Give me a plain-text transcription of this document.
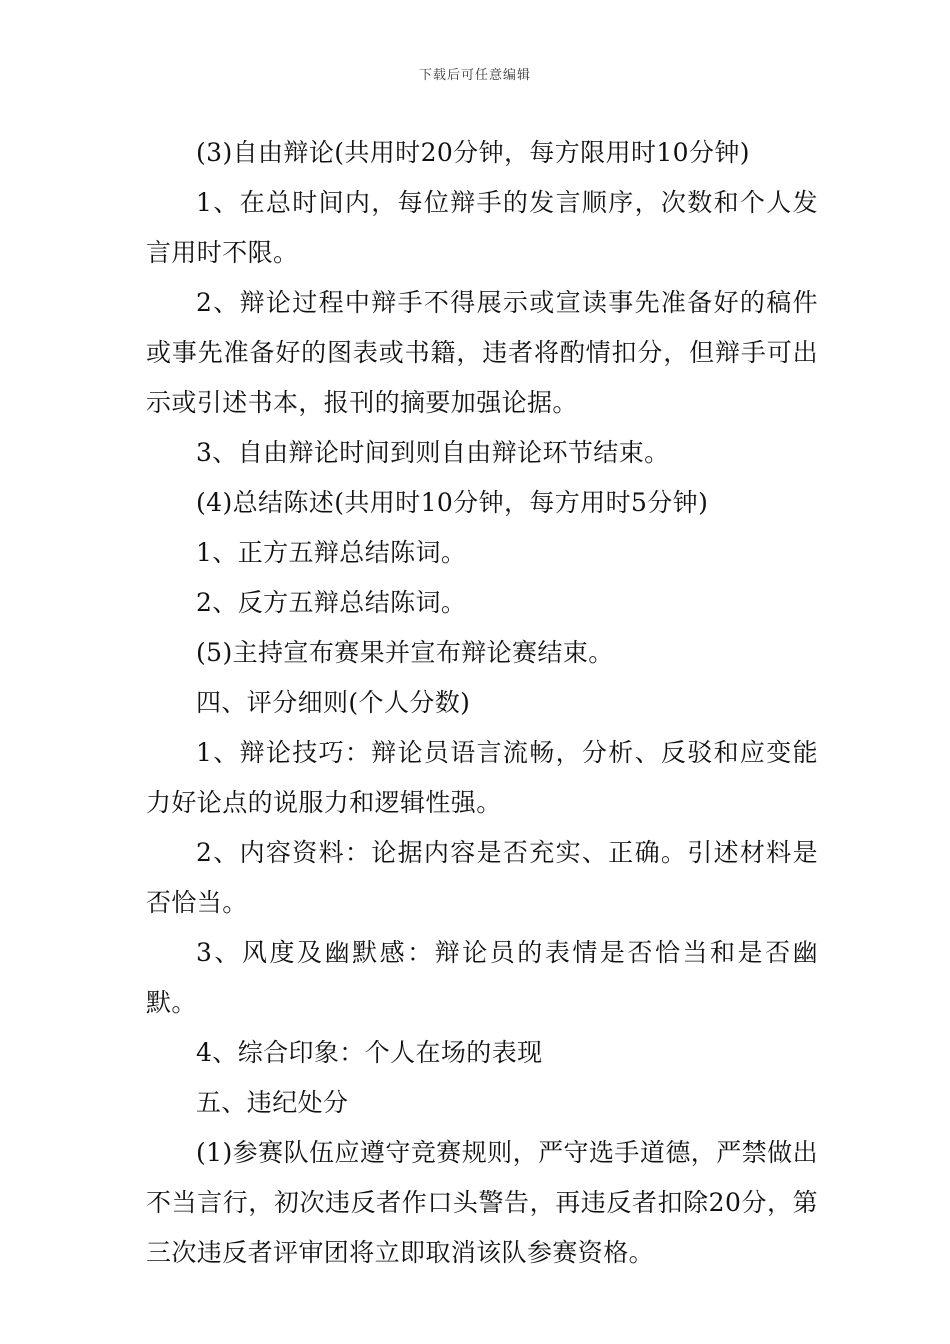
下载后可任意编辑

(3)自由辩论(共用时20分钟，每方限用时10分钟)

1、在总时间内，每位辩手的发言顺序，次数和个人发言用时不限。

2、辩论过程中辩手不得展示或宣读事先准备好的稿件或事先准备好的图表或书籍，违者将酌情扣分，但辩手可出示或引述书本，报刊的摘要加强论据。

3、自由辩论时间到则自由辩论环节结束。

(4)总结陈述(共用时10分钟，每方用时5分钟)

1、正方五辩总结陈词。

2、反方五辩总结陈词。

(5)主持宣布赛果并宣布辩论赛结束。

四、评分细则(个人分数)

1、辩论技巧：辩论员语言流畅，分析、反驳和应变能力好论点的说服力和逻辑性强。

2、内容资料：论据内容是否充实、正确。引述材料是否恰当。

3、风度及幽默感：辩论员的表情是否恰当和是否幽默。

4、综合印象：个人在场的表现

五、违纪处分

(1)参赛队伍应遵守竞赛规则，严守选手道德，严禁做出不当言行，初次违反者作口头警告，再违反者扣除20分，第三次违反者评审团将立即取消该队参赛资格。
